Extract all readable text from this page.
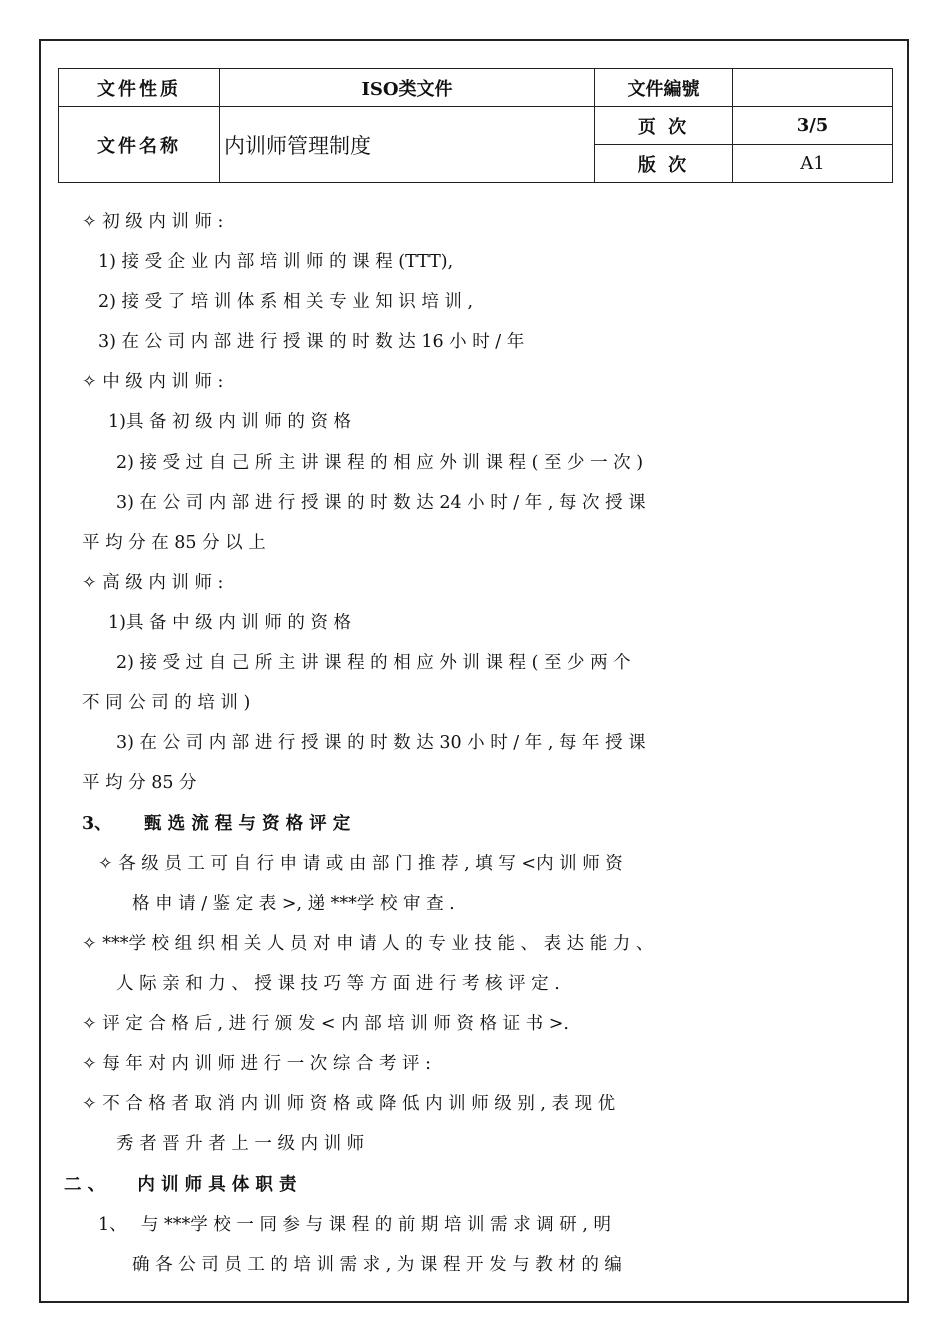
文件性质	ISO类文件	文件編號	
文件名称	内训师管理制度	页 次	3/5
		版 次	A1
✧ 初 级 内 训 师 :
1) 接 受 企 业 内 部 培 训 师 的 课 程 (TTT),
2) 接 受 了 培 训 体 系 相 关 专 业 知 识 培 训 ,
3) 在 公 司 内 部 进 行 授 课 的 时 数 达 16 小 时 / 年
✧ 中 级 内 训 师 :
1)具 备 初 级 内 训 师 的 资 格
2) 接 受 过 自 己 所 主 讲 课 程 的 相 应 外 训 课 程 ( 至 少 一 次 )
3) 在 公 司 内 部 进 行 授 课 的 时 数 达 24 小 时 / 年 , 每 次 授 课
平 均 分 在 85 分 以 上
✧ 高 级 内 训 师 :
1)具 备 中 级 内 训 师 的 资 格
2) 接 受 过 自 己 所 主 讲 课 程 的 相 应 外 训 课 程 ( 至 少 两 个
不 同 公 司 的 培 训 )
3) 在 公 司 内 部 进 行 授 课 的 时 数 达 30 小 时 / 年 , 每 年 授 课
平 均 分 85 分
3、　　 甄 选 流 程 与 资 格 评 定
✧ 各 级 员 工 可 自 行 申 请 或 由 部 门 推 荐 , 填 写 <内 训 师 资
格 申 请 / 鉴 定 表 >, 递 ***学 校 审 查 .
✧ ***学 校 组 织 相 关 人 员 对 申 请 人 的 专 业 技 能 、 表 达 能 力 、
人 际 亲 和 力 、 授 课 技 巧 等 方 面 进 行 考 核 评 定 .
✧ 评 定 合 格 后 , 进 行 颁 发 < 内 部 培 训 师 资 格 证 书 >.
✧ 每 年 对 内 训 师 进 行 一 次 综 合 考 评 :
✧ 不 合 格 者 取 消 内 训 师 资 格 或 降 低 内 训 师 级 别 , 表 现 优
秀 者 晋 升 者 上 一 级 内 训 师
二 、　　 内 训 师 具 体 职 责
1、　 与 ***学 校 一 同 参 与 课 程 的 前 期 培 训 需 求 调 研 , 明
确 各 公 司 员 工 的 培 训 需 求 , 为 课 程 开 发 与 教 材 的 编
